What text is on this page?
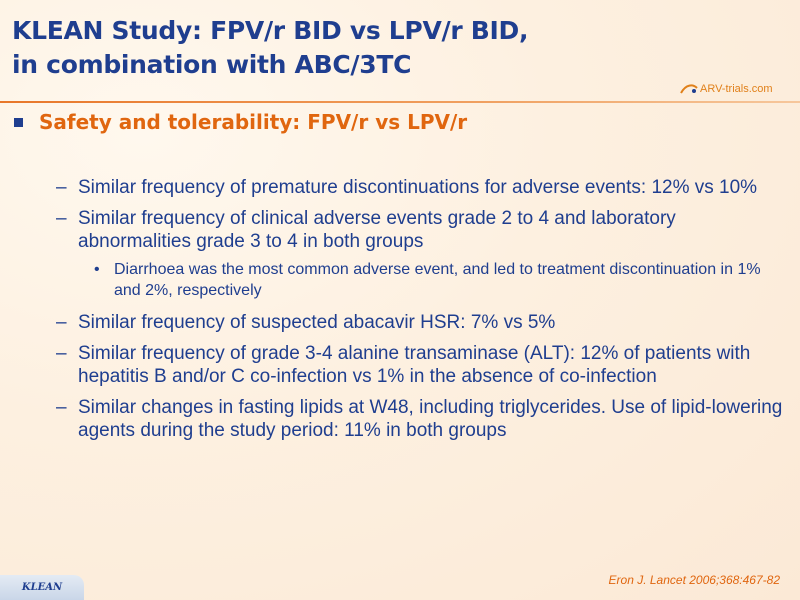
KLEAN Study: FPV/r BID vs LPV/r BID,
in combination with ABC/3TC
ARV-trials.com
Safety and tolerability: FPV/r vs LPV/r
– Similar frequency of premature discontinuations for adverse events: 12% vs 10%
– Similar frequency of clinical adverse events grade 2 to 4 and laboratory abnormalities grade 3 to 4 in both groups
• Diarrhoea was the most common adverse event, and led to treatment discontinuation in 1% and 2%, respectively
– Similar frequency of suspected abacavir HSR: 7% vs 5%
– Similar frequency of grade 3-4 alanine transaminase (ALT): 12% of patients with hepatitis B and/or C co-infection vs 1% in the absence of co-infection
– Similar changes in fasting lipids at W48, including triglycerides. Use of lipid-lowering agents during the study period: 11% in both groups
Eron J. Lancet 2006;368:467-82
KLEAN
